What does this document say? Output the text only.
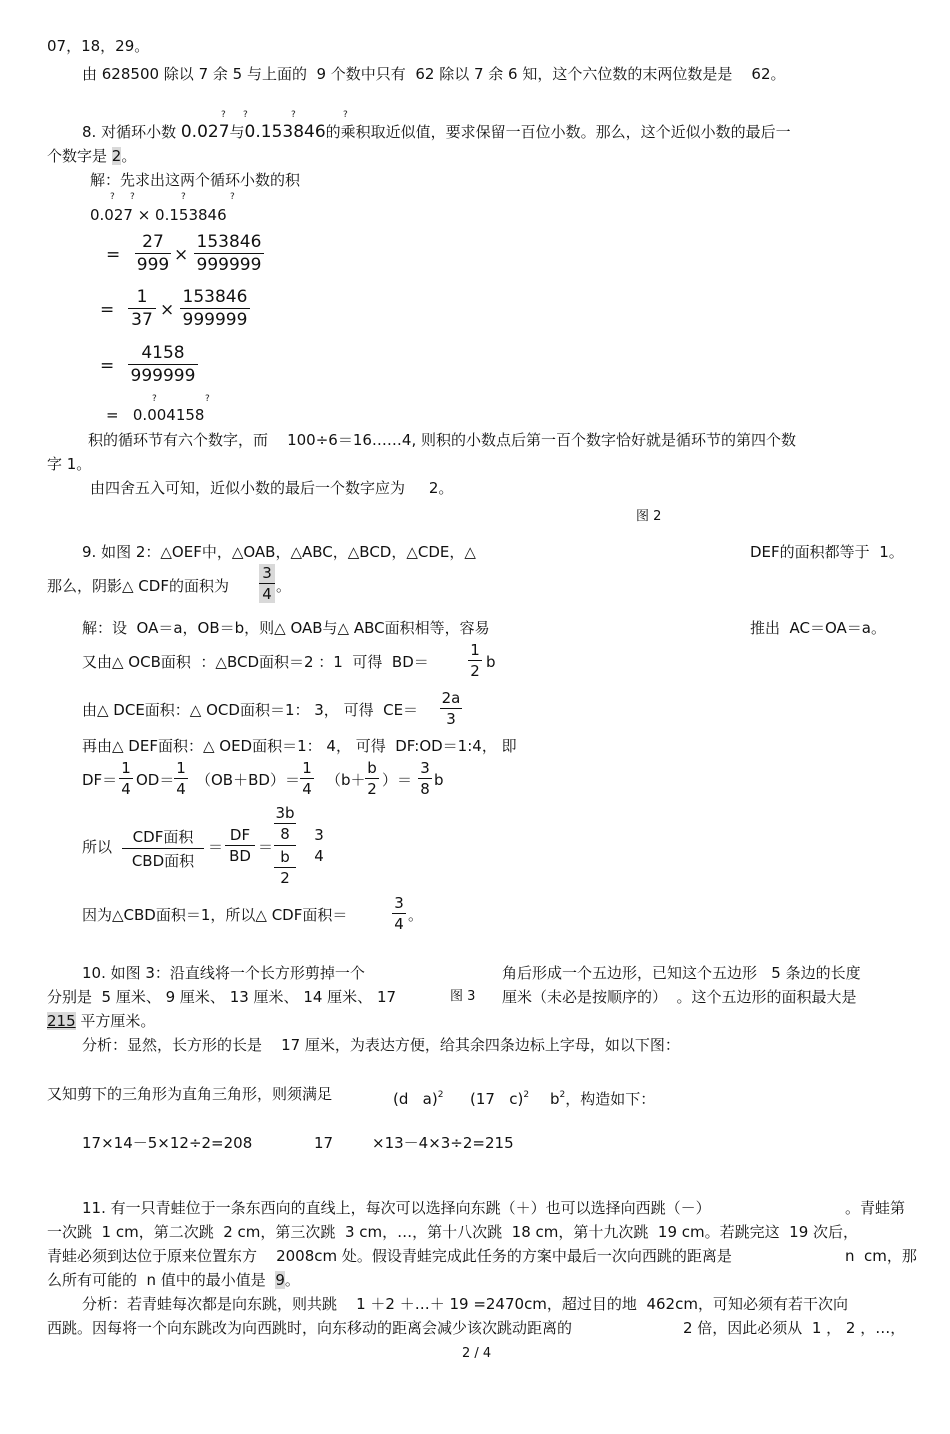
07，18，29。
由 628500 除以 7 余 5 与上面的  9 个数中只有  62 除以 7 余 6 知，这个六位数的末两位数是是    62。
8. 对循环小数 0.027与0.153846的乘积取近似值，要求保留一百位小数。那么，这个近似小数的最后一
? ?	?	?
个数字是 2。
解：先求出这两个循环小数的积
0.027 × 0.153846
? ?	?	?
=
27
999 ×
153846
999999
=
1
37 ×
153846
999999
=
4158
999999
= 0.004158
?	?
积的循环节有六个数字，而    100÷6＝16……4, 则积的小数点后第一百个数字恰好就是循环节的第四个数
字 1。
由四舍五入可知，近似小数的最后一个数字应为     2。
图 2
9. 如图 2：△OEF中，△OAB，△ABC，△BCD，△CDE，△	DEF的面积都等于  1。
那么，阴影△ CDF的面积为
3
4 。
解：设  OA＝a，OB＝b，则△ OAB与△ ABC面积相等，容易	推出  AC＝OA＝a。
又由△ OCB面积  ：△BCD面积＝2 ：1  可得  BD＝
1
2 b
由△ DCE面积：△ OCD面积＝1： 3， 可得  CE＝
2a
3
再由△ DEF面积：△ OED面积＝1： 4， 可得  DF:OD＝1:4， 即
DF＝
1
4 OD＝
1
4 （OB＋BD）＝
1
4 （b＋
b
2 ）＝
3
8 b
所以
CDF面积
CBD面积
＝
DF
BD ＝
3b
8
b
2
3
4
因为△CBD面积＝1，所以△ CDF面积＝
3
4 。
10. 如图 3：沿直线将一个长方形剪掉一个	角后形成一个五边形，已知这个五边形   5 条边的长度
分别是  5 厘米、 9 厘米、 13 厘米、 14 厘米、 17	图 3 厘米（未必是按顺序的）  。这个五边形的面积最大是
215 平方厘米。
分析：显然，长方形的长是    17 厘米，为表达方便，给其余四条边标上字母，如以下图：
又知剪下的三角形为直角三角形，则须满足	(d   a)$^2$ (17   c)$^2$ $b^2$，构造如下：
17×14－5×12÷2=208	17	×13－4×3÷2=215
11. 有一只青蛙位于一条东西向的直线上，每次可以选择向东跳（＋）也可以选择向西跳（－）	。青蛙第
一次跳  1 cm，第二次跳  2 cm，第三次跳  3 cm，…，第十八次跳  18 cm，第十九次跳  19 cm。若跳完这  19 次后，
青蛙必须到达位于原来位置东方    2008cm 处。假设青蛙完成此任务的方案中最后一次向西跳的距离是	n  cm，那
么所有可能的  n 值中的最小值是  9。
分析：若青蛙每次都是向东跳，则共跳    1 ＋2 ＋…＋ 19 =2470cm，超过目的地  462cm，可知必须有若干次向
西跳。因每将一个向东跳改为向西跳时，向东移动的距离会减少该次跳动距离的	2 倍，因此必须从  1 ， 2 ，…，
2 / 4
